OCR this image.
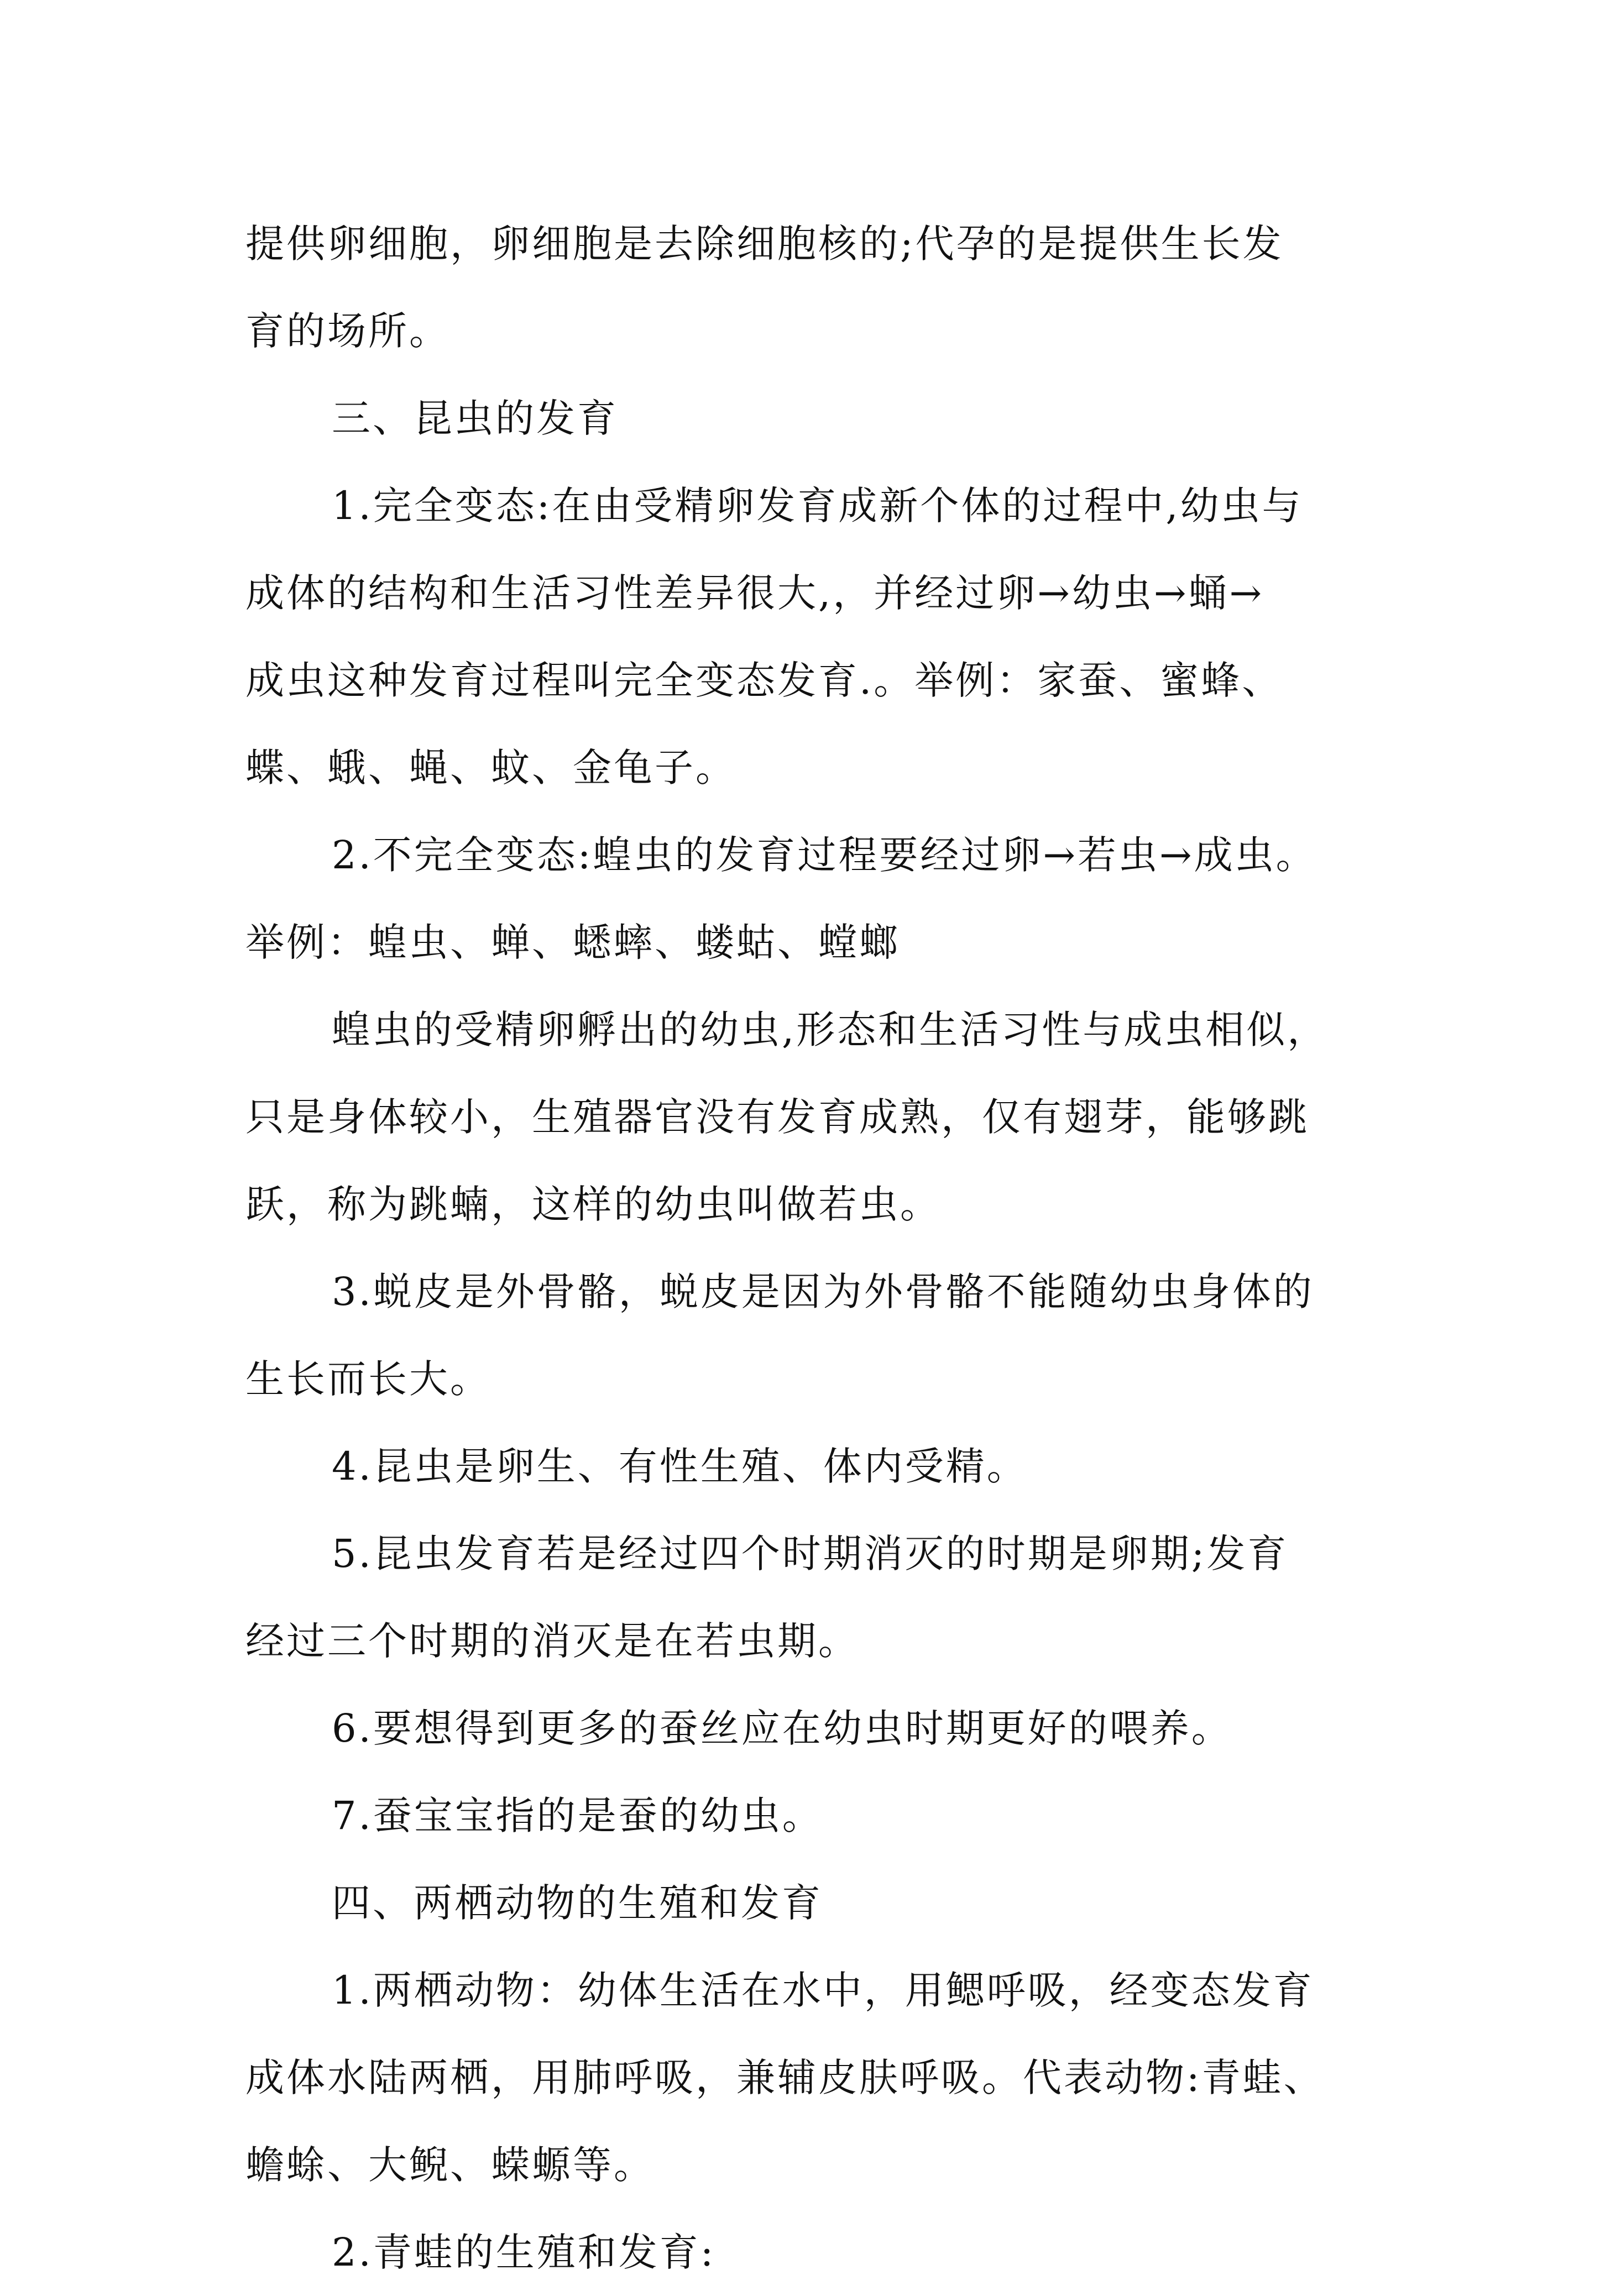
提供卵细胞，卵细胞是去除细胞核的;代孕的是提供生长发

育的场所。

三、昆虫的发育

1.完全变态:在由受精卵发育成新个体的过程中,幼虫与

成体的结构和生活习性差异很大,，并经过卵→幼虫→蛹→

成虫这种发育过程叫完全变态发育.。举例：家蚕、蜜蜂、

蝶、蛾、蝇、蚊、金龟子。

2.不完全变态:蝗虫的发育过程要经过卵→若虫→成虫。

举例：蝗虫、蝉、蟋蟀、蝼蛄、螳螂

蝗虫的受精卵孵出的幼虫,形态和生活习性与成虫相似，

只是身体较小，生殖器官没有发育成熟，仅有翅芽，能够跳

跃，称为跳蝻，这样的幼虫叫做若虫。

3.蜕皮是外骨骼，蜕皮是因为外骨骼不能随幼虫身体的

生长而长大。

4.昆虫是卵生、有性生殖、体内受精。

5.昆虫发育若是经过四个时期消灭的时期是卵期;发育

经过三个时期的消灭是在若虫期。

6.要想得到更多的蚕丝应在幼虫时期更好的喂养。

7.蚕宝宝指的是蚕的幼虫。

四、两栖动物的生殖和发育

1.两栖动物：幼体生活在水中，用鳃呼吸，经变态发育

成体水陆两栖，用肺呼吸，兼辅皮肤呼吸。代表动物:青蛙、

蟾蜍、大鲵、蝾螈等。

2.青蛙的生殖和发育:
